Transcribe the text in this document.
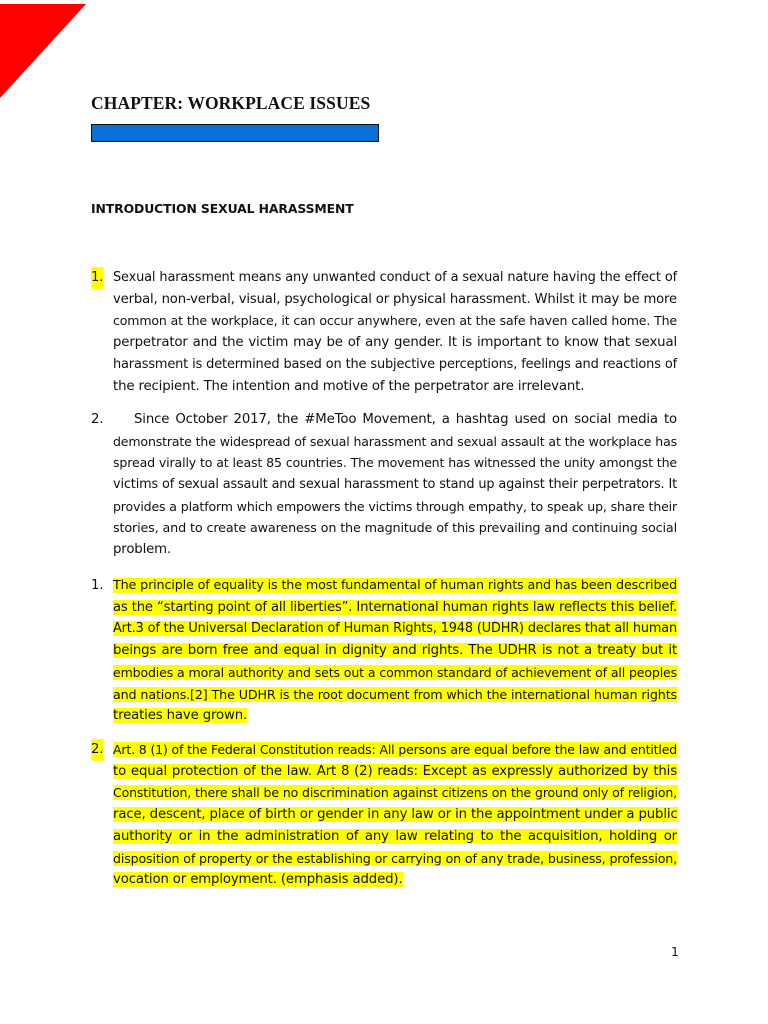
CHAPTER: WORKPLACE ISSUES
INTRODUCTION SEXUAL HARASSMENT
1. Sexual harassment means any unwanted conduct of a sexual nature having the effect of
verbal, non-verbal, visual, psychological or physical harassment. Whilst it may be more
common at the workplace, it can occur anywhere, even at the safe haven called home. The
perpetrator and the victim may be of any gender. It is important to know that sexual
harassment is determined based on the subjective perceptions, feelings and reactions of
the recipient. The intention and motive of the perpetrator are irrelevant.
2.	Since October 2017, the #MeToo Movement, a hashtag used on social media to
demonstrate the widespread of sexual harassment and sexual assault at the workplace has
spread virally to at least 85 countries. The movement has witnessed the unity amongst the
victims of sexual assault and sexual harassment to stand up against their perpetrators. It
provides a platform which empowers the victims through empathy, to speak up, share their
stories, and to create awareness on the magnitude of this prevailing and continuing social
problem.
1. The principle of equality is the most fundamental of human rights and has been described
as the “starting point of all liberties”. International human rights law reflects this belief.
Art.3 of the Universal Declaration of Human Rights, 1948 (UDHR) declares that all human
beings are born free and equal in dignity and rights. The UDHR is not a treaty but it
embodies a moral authority and sets out a common standard of achievement of all peoples
and nations.[2] The UDHR is the root document from which the international human rights
treaties have grown.
2. Art. 8 (1) of the Federal Constitution reads: All persons are equal before the law and entitled
to equal protection of the law. Art 8 (2) reads: Except as expressly authorized by this
Constitution, there shall be no discrimination against citizens on the ground only of religion,
race, descent, place of birth or gender in any law or in the appointment under a public
authority or in the administration of any law relating to the acquisition, holding or
disposition of property or the establishing or carrying on of any trade, business, profession,
vocation or employment. (emphasis added).
1
